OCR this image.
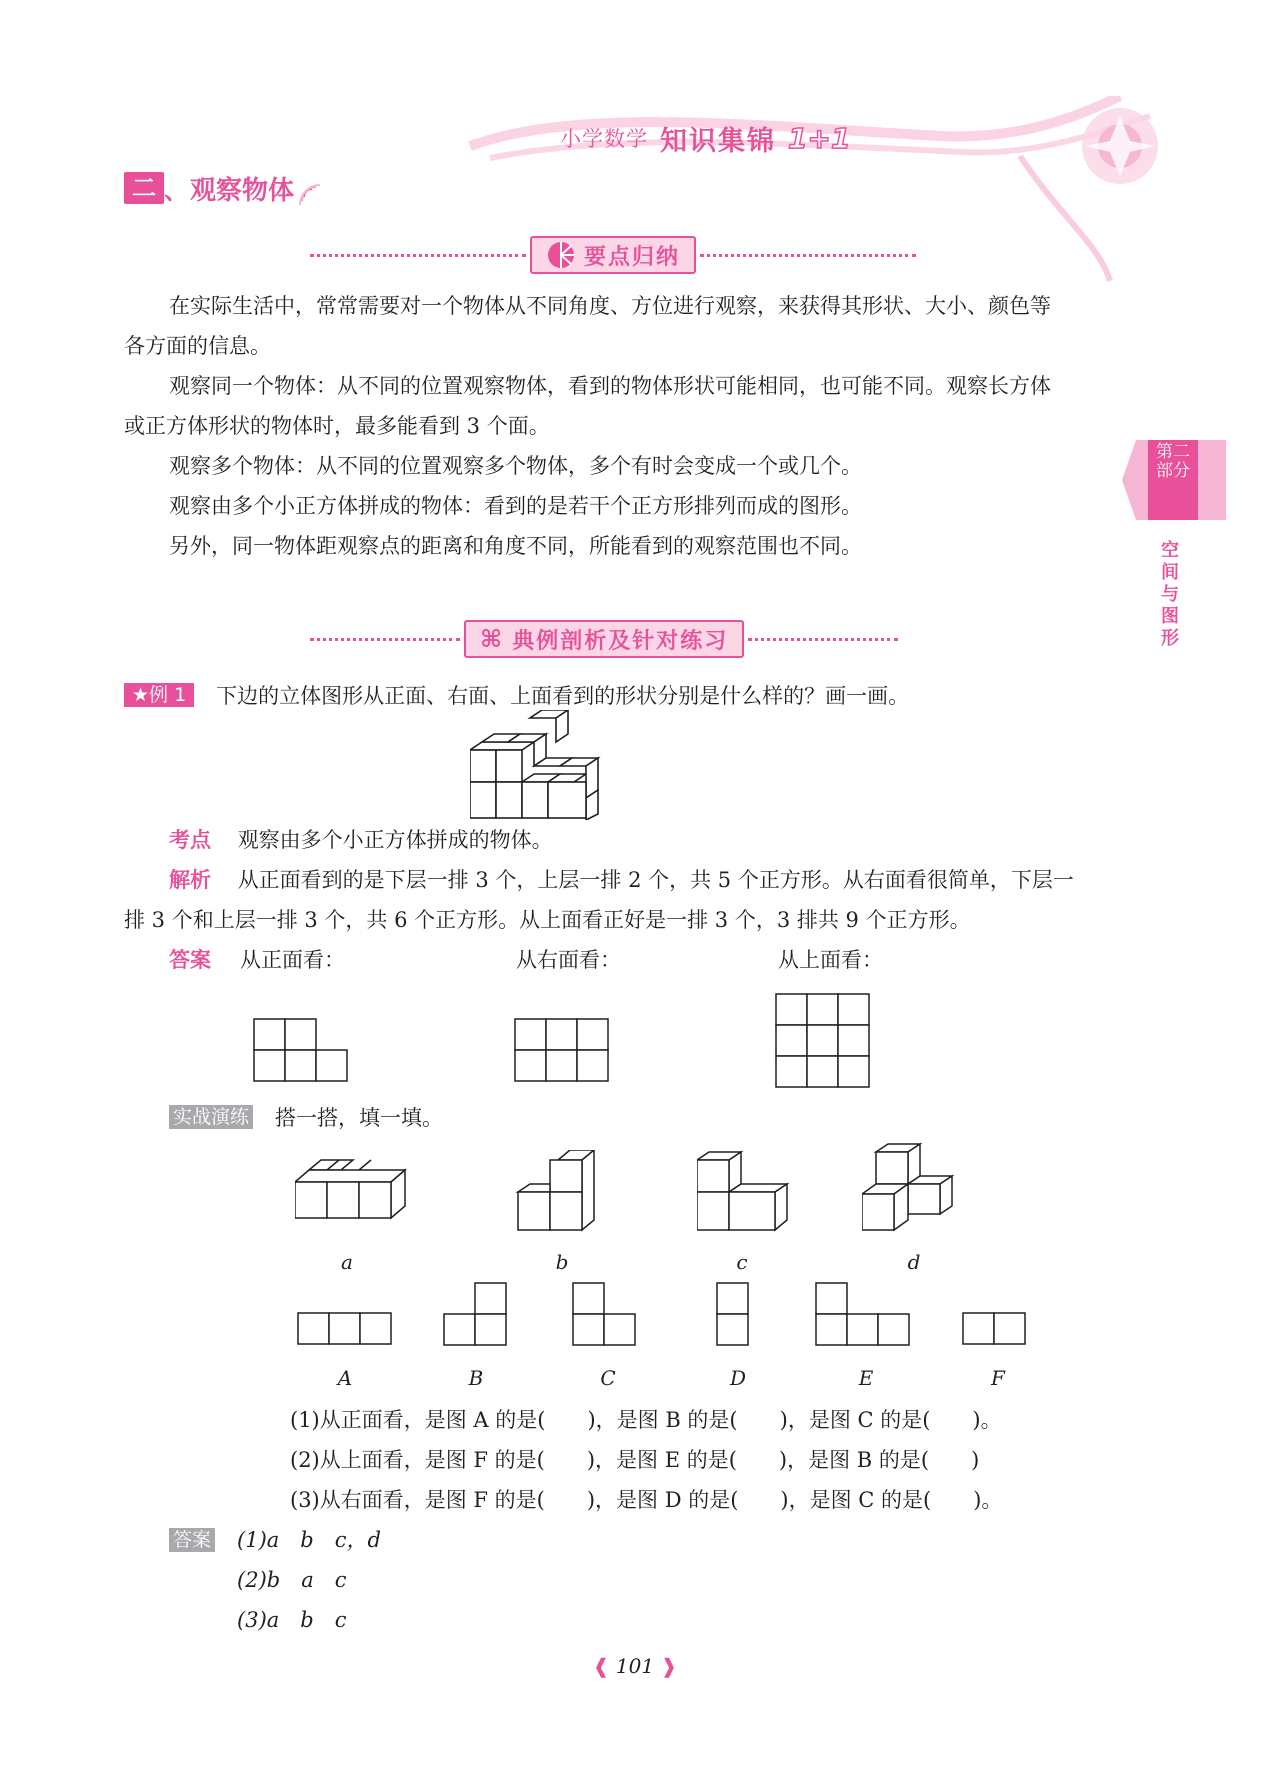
小学数学 知识集锦 1+1
二 、 观察物体
要点归纳
在实际生活中，常常需要对一个物体从不同角度、方位进行观察，来获得其形状、大小、颜色等
各方面的信息。
观察同一个物体：从不同的位置观察物体，看到的物体形状可能相同，也可能不同。观察长方体
或正方体形状的物体时，最多能看到 3 个面。
观察多个物体：从不同的位置观察多个物体，多个有时会变成一个或几个。
观察由多个小正方体拼成的物体：看到的是若干个正方形排列而成的图形。
另外，同一物体距观察点的距离和角度不同，所能看到的观察范围也不同。
第二部分
空间与图形
⌘ 典例剖析及针对练习
★例 1	下边的立体图形从正面、右面、上面看到的形状分别是什么样的？画一画。
考点 观察由多个小正方体拼成的物体。
解析 从正面看到的是下层一排 3 个，上层一排 2 个，共 5 个正方形。从右面看很简单，下层一
排 3 个和上层一排 3 个，共 6 个正方形。从上面看正好是一排 3 个，3 排共 9 个正方形。
答案 从正面看：	从右面看：	从上面看：
实战演练 搭一搭，填一填。
a	b	c	d
A	B	C	D	E	F
(1)从正面看，是图 A 的是(　　)，是图 B 的是(　　)，是图 C 的是(　　)。
(2)从上面看，是图 F 的是(　　)，是图 E 的是(　　)，是图 B 的是(　　)
(3)从右面看，是图 F 的是(　　)，是图 D 的是(　　)，是图 C 的是(　　)。
答案 (1)a　b　c，d
(2)b　a　c
(3)a　b　c
❰ 101 ❱
